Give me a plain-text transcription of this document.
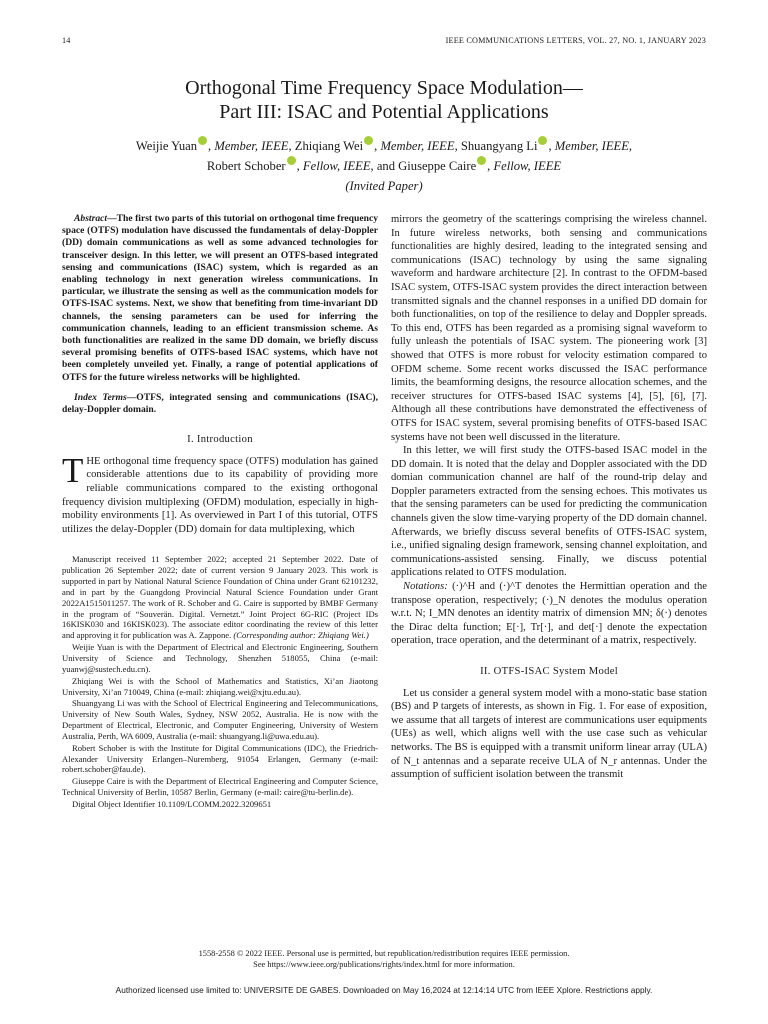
14	IEEE COMMUNICATIONS LETTERS, VOL. 27, NO. 1, JANUARY 2023
Orthogonal Time Frequency Space Modulation—
Part III: ISAC and Potential Applications
Weijie Yuan , Member, IEEE, Zhiqiang Wei , Member, IEEE, Shuangyang Li , Member, IEEE,
Robert Schober , Fellow, IEEE, and Giuseppe Caire , Fellow, IEEE
(Invited Paper)

Abstract—The first two parts of this tutorial on orthogonal time frequency space (OTFS) modulation have discussed the fundamentals of delay-Doppler (DD) domain communications as well as some advanced technologies for transceiver design. In this letter, we will present an OTFS-based integrated sensing and communications (ISAC) system, which is regarded as an enabling technology in next generation wireless communications. In particular, we illustrate the sensing as well as the communication models for OTFS-ISAC systems. Next, we show that benefiting from time-invariant DD channels, the sensing parameters can be used for inferring the communication channels, leading to an efficient transmission scheme. As both functionalities are realized in the same DD domain, we briefly discuss several promising benefits of OTFS-based ISAC systems, which have not been completely unveiled yet. Finally, a range of potential applications of OTFS for the future wireless networks will be highlighted.

Index Terms—OTFS, integrated sensing and communications (ISAC), delay-Doppler domain.

I. Introduction

THE orthogonal time frequency space (OTFS) modulation has gained considerable attentions due to its capability of providing more reliable communications compared to the existing orthogonal frequency division multiplexing (OFDM) modulation, especially in high-mobility environments [1]. As overviewed in Part I of this tutorial, OTFS utilizes the delay-Doppler (DD) domain for data multiplexing, which

Manuscript received 11 September 2022; accepted 21 September 2022. Date of publication 26 September 2022; date of current version 9 January 2023. This work is supported in part by National Natural Science Foundation of China under Grant 62101232, and in part by the Guangdong Provincial Natural Science Foundation under Grant 2022A1515011257. The work of R. Schober and G. Caire is supported by BMBF Germany in the program of “Souverän. Digital. Vernetzt.” Joint Project 6G-RIC (Project IDs 16KISK030 and 16KISK023). The associate editor coordinating the review of this letter and approving it for publication was A. Zappone. (Corresponding author: Zhiqiang Wei.)

Weijie Yuan is with the Department of Electrical and Electronic Engineering, Southern University of Science and Technology, Shenzhen 518055, China (e-mail: yuanwj@sustech.edu.cn).

Zhiqiang Wei is with the School of Mathematics and Statistics, Xi’an Jiaotong University, Xi’an 710049, China (e-mail: zhiqiang.wei@xjtu.edu.au).

Shuangyang Li was with the School of Electrical Engineering and Telecommunications, University of New South Wales, Sydney, NSW 2052, Australia. He is now with the Department of Electrical, Electronic, and Computer Engineering, University of Western Australia, Perth, WA 6009, Australia (e-mail: shuangyang.li@uwa.edu.au).

Robert Schober is with the Institute for Digital Communications (IDC), the Friedrich-Alexander University Erlangen–Nuremberg, 91054 Erlangen, Germany (e-mail: robert.schober@fau.de).

Giuseppe Caire is with the Department of Electrical Engineering and Computer Science, Technical University of Berlin, 10587 Berlin, Germany (e-mail: caire@tu-berlin.de).

Digital Object Identifier 10.1109/LCOMM.2022.3209651

mirrors the geometry of the scatterings comprising the wireless channel. In future wireless networks, both sensing and communications functionalities are highly desired, leading to the integrated sensing and communications (ISAC) technology by using the same signaling waveform and hardware architecture [2]. In contrast to the OFDM-based ISAC system, OTFS-ISAC system provides the direct interaction between transmitted signals and the channel responses in a unified DD domain for both functionalities, on top of the resilience to delay and Doppler spreads. To this end, OTFS has been regarded as a promising signal waveform to fully unleash the potentials of ISAC system. The pioneering work [3] showed that OTFS is more robust for velocity estimation compared to OFDM scheme. Some recent works discussed the ISAC performance limits, the beamforming designs, the resource allocation schemes, and the receiver structures for OTFS-based ISAC systems [4], [5], [6], [7]. Although all these contributions have demonstrated the effectiveness of OTFS for ISAC system, several promising benefits of OTFS-based ISAC systems have not been well discussed in the literature.

In this letter, we will first study the OTFS-based ISAC model in the DD domain. It is noted that the delay and Doppler associated with the DD domian communication channel are half of the round-trip delay and Doppler parameters extracted from the sensing echoes. This motivates us that the sensing parameters can be used for predicting the communication channels given the slow time-varying property of the DD domain channel. Afterwards, we briefly discuss several benefits of OTFS-ISAC system, i.e., unified signaling design framework, sensing channel exploitation, and communications-assisted sensing. Finally, we discuss potential applications related to OTFS modulation.

Notations: (·)^H and (·)^T denotes the Hermittian operation and the transpose operation, respectively; (·)_N denotes the modulus operation w.r.t. N; I_MN denotes an identity matrix of dimension MN; δ(·) denotes the Dirac delta function; E[·], Tr[·], and det[·] denote the expectation operation, trace operation, and the determinant of a matrix, respectively.

II. OTFS-ISAC System Model

Let us consider a general system model with a mono-static base station (BS) and P targets of interests, as shown in Fig. 1. For ease of exposition, we assume that all targets of interest are communications user equipments (UEs) as well, which aligns well with the use case such as vehicular networks. The BS is equipped with a transmit uniform linear array (ULA) of N_t antennas and a separate receive ULA of N_r antennas. Under the assumption of sufficient isolation between the transmit

1558-2558 © 2022 IEEE. Personal use is permitted, but republication/redistribution requires IEEE permission.
See https://www.ieee.org/publications/rights/index.html for more information.
Authorized licensed use limited to: UNIVERSITE DE GABES. Downloaded on May 16,2024 at 12:14:14 UTC from IEEE Xplore. Restrictions apply.
